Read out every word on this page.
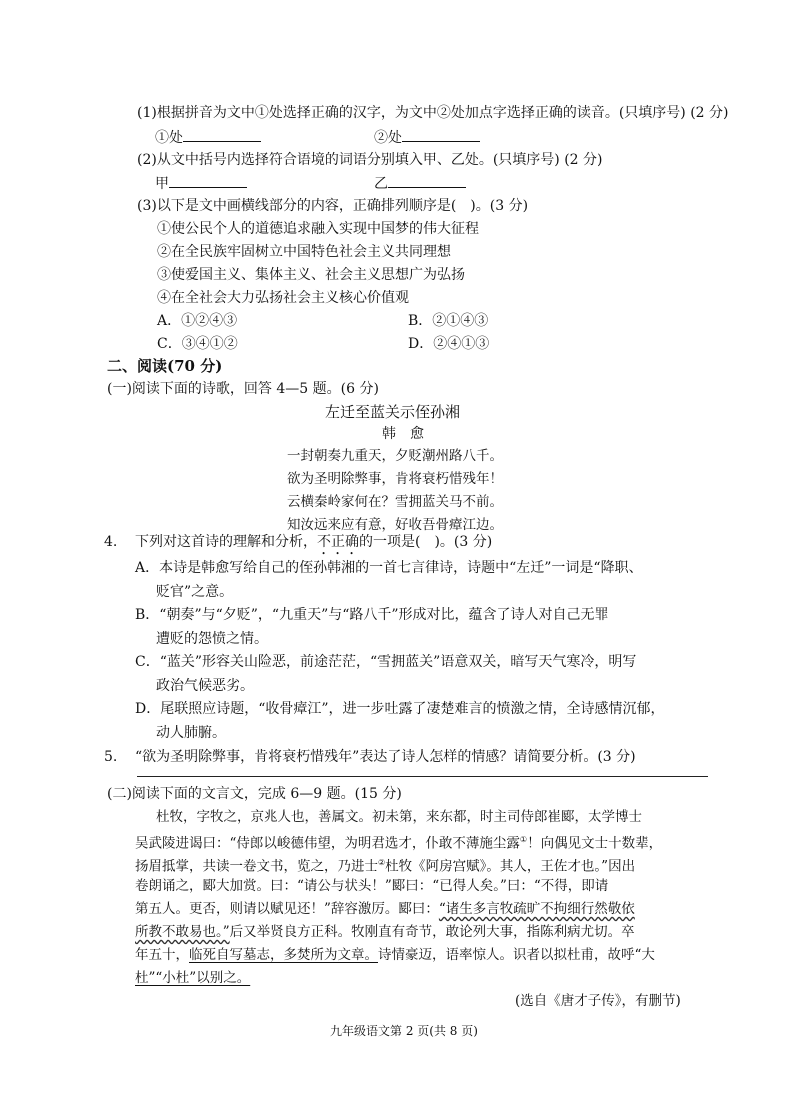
(1)根据拼音为文中①处选择正确的汉字，为文中②处加点字选择正确的读音。(只填序号) (2 分)
①处	②处
(2)从文中括号内选择符合语境的词语分别填入甲、乙处。(只填序号) (2 分)
甲	乙
(3)以下是文中画横线部分的内容，正确排列顺序是(　)。(3 分)
①使公民个人的道德追求融入实现中国梦的伟大征程
②在全民族牢固树立中国特色社会主义共同理想
③使爱国主义、集体主义、社会主义思想广为弘扬
④在全社会大力弘扬社会主义核心价值观
A．①②④③	B．②①④③
C．③④①②	D．②④①③
二、阅读(70 分)
(一)阅读下面的诗歌，回答 4—5 题。(6 分)
左迁至蓝关示侄孙湘
韩　愈
一封朝奏九重天，夕贬潮州路八千。
欲为圣明除弊事，肯将衰朽惜残年！
云横秦岭家何在？雪拥蓝关马不前。
知汝远来应有意，好收吾骨瘴江边。
4. 下列对这首诗的理解和分析，不正确的一项是(　)。(3 分)
A．本诗是韩愈写给自己的侄孙韩湘的一首七言律诗，诗题中“左迁”一词是“降职、
贬官”之意。
B．“朝奏”与“夕贬”，“九重天”与“路八千”形成对比，蕴含了诗人对自己无罪
遭贬的怨愤之情。
C．“蓝关”形容关山险恶，前途茫茫，“雪拥蓝关”语意双关，暗写天气寒冷，明写
政治气候恶劣。
D．尾联照应诗题，“收骨瘴江”，进一步吐露了凄楚难言的愤激之情，全诗感情沉郁，
动人肺腑。
5. “欲为圣明除弊事，肯将衰朽惜残年”表达了诗人怎样的情感？请简要分析。(3 分)
(二)阅读下面的文言文，完成 6—9 题。(15 分)
杜牧，字牧之，京兆人也，善属文。初未第，来东都，时主司侍郎崔郾，太学博士
吴武陵进谒曰：“侍郎以峻德伟望，为明君选才，仆敢不薄施尘露①！向偶见文士十数辈，
扬眉抵掌，共读一卷文书，览之，乃进士②杜牧《阿房宫赋》。其人，王佐才也。”因出
卷朗诵之，郾大加赏。曰：“请公与状头！”郾曰：“已得人矣。”曰：“不得，即请
第五人。更否，则请以赋见还！”辞容激厉。郾曰：“诸生多言牧疏旷不拘细行然敬依
所教不敢易也。”后又举贤良方正科。牧刚直有奇节，敢论列大事，指陈利病尤切。卒
年五十，临死自写墓志，多焚所为文章。诗情豪迈，语率惊人。识者以拟杜甫，故呼“大
杜”“小杜”以别之。
(选自《唐才子传》，有删节)
九年级语文第 2 页(共 8 页)
